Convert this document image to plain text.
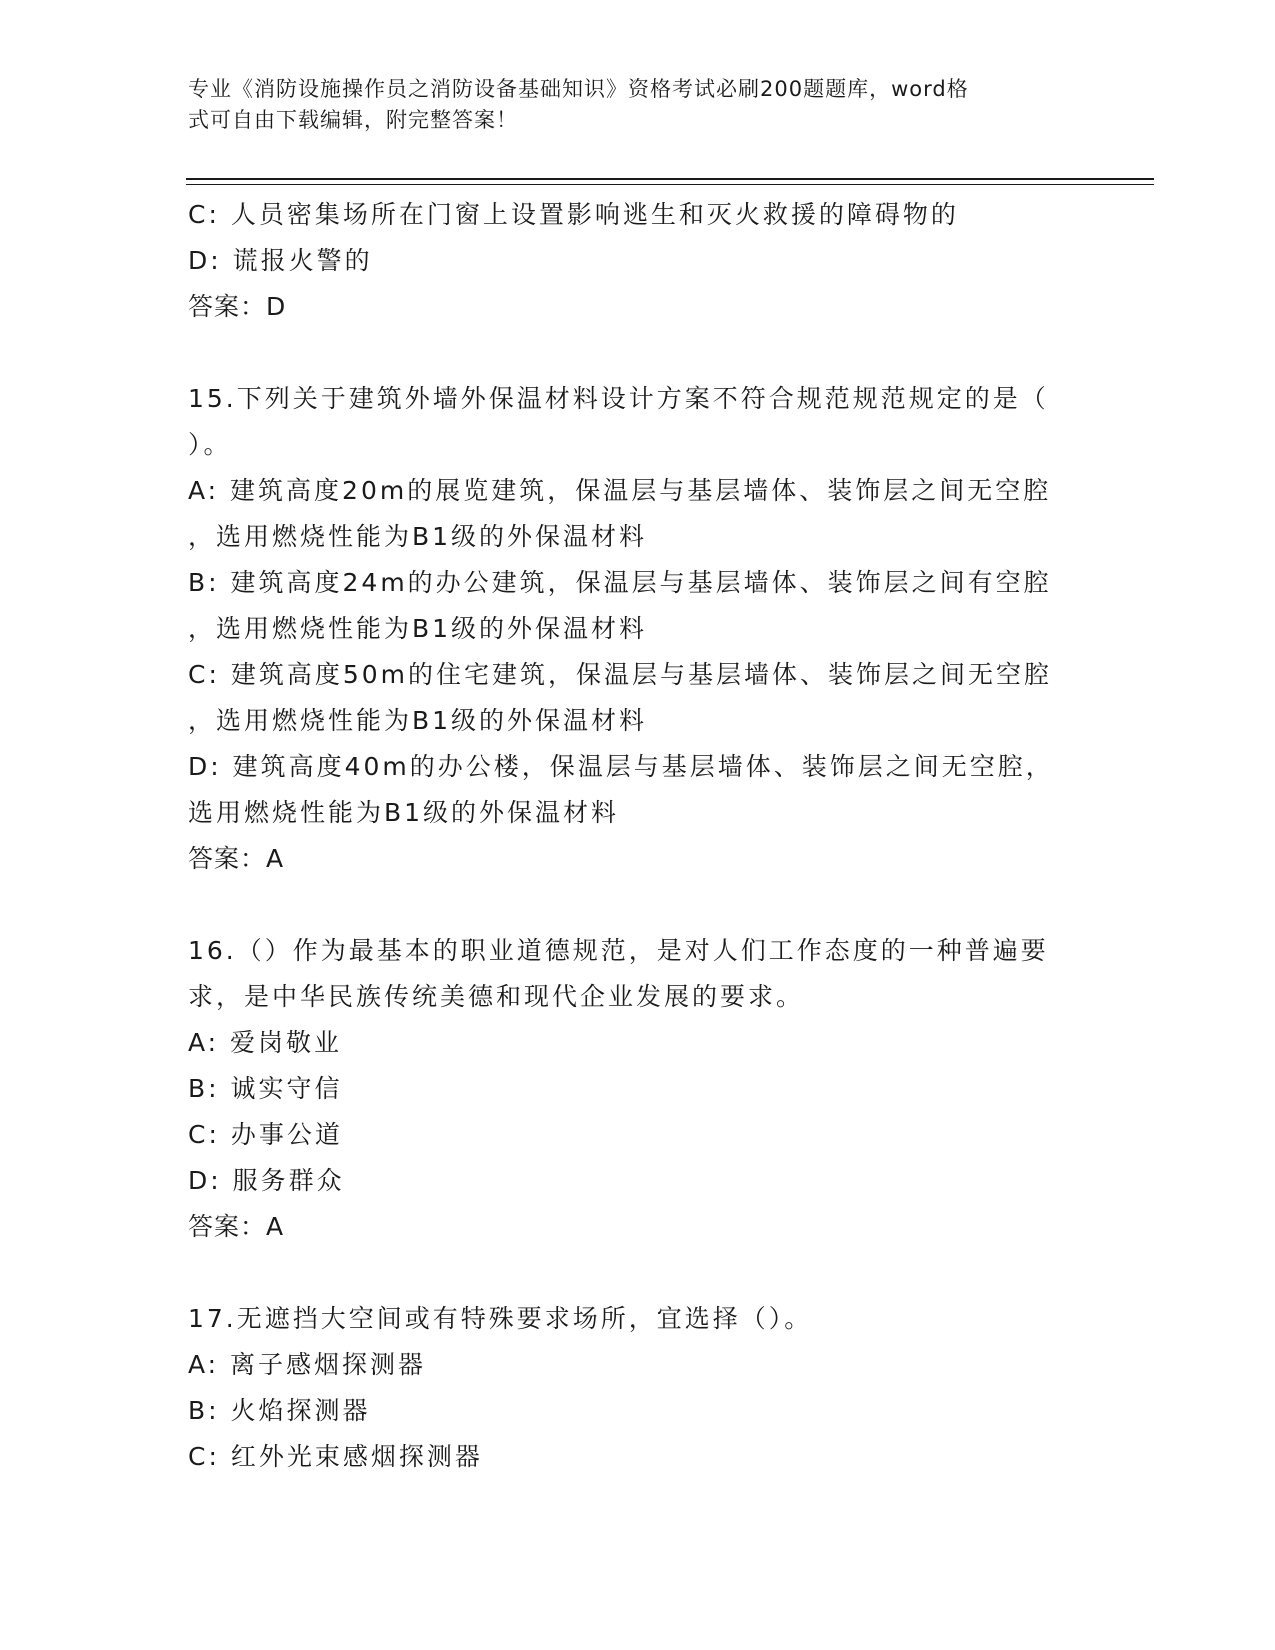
专业《消防设施操作员之消防设备基础知识》资格考试必刷200题题库，word格
式可自由下载编辑，附完整答案！
C: 人员密集场所在门窗上设置影响逃生和灭火救援的障碍物的
D: 谎报火警的
答案：D
15.下列关于建筑外墙外保温材料设计方案不符合规范规范规定的是（
）。
A: 建筑高度20m的展览建筑，保温层与基层墙体、装饰层之间无空腔
，选用燃烧性能为B1级的外保温材料
B: 建筑高度24m的办公建筑，保温层与基层墙体、装饰层之间有空腔
，选用燃烧性能为B1级的外保温材料
C: 建筑高度50m的住宅建筑，保温层与基层墙体、装饰层之间无空腔
，选用燃烧性能为B1级的外保温材料
D: 建筑高度40m的办公楼，保温层与基层墙体、装饰层之间无空腔，
选用燃烧性能为B1级的外保温材料
答案：A
16.（）作为最基本的职业道德规范，是对人们工作态度的一种普遍要
求，是中华民族传统美德和现代企业发展的要求。
A: 爱岗敬业
B: 诚实守信
C: 办事公道
D: 服务群众
答案：A
17.无遮挡大空间或有特殊要求场所，宜选择（）。
A: 离子感烟探测器
B: 火焰探测器
C: 红外光束感烟探测器
